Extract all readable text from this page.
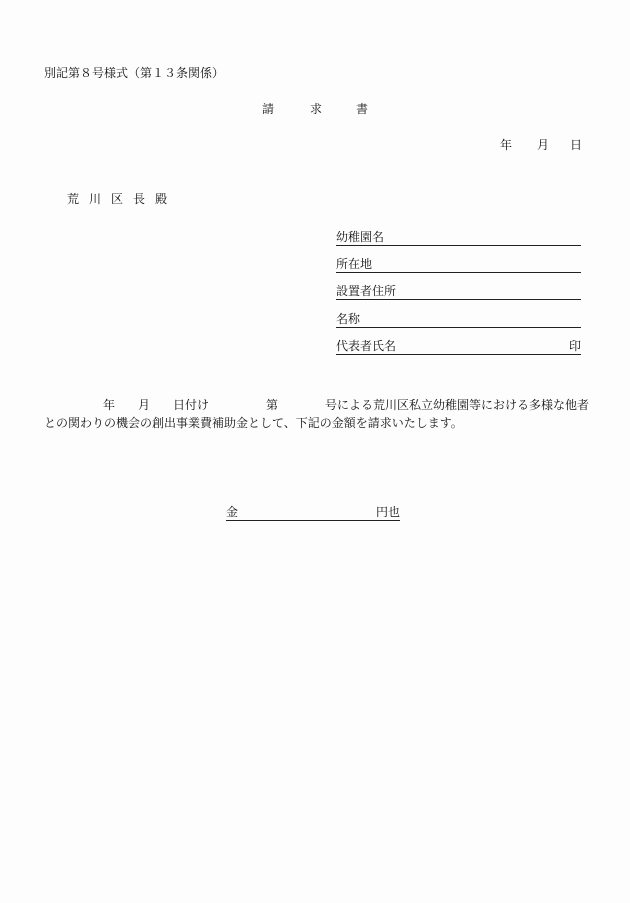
別記第８号様式（第１３条関係）
請	求	書
年 月 日
荒 川 区 長 殿
幼稚園名
所在地
設置者住所
名称
代表者氏名	印
年 月 日付け	第	号による荒川区私立幼稚園等における多様な他者
との関わりの機会の創出事業費補助金として、下記の金額を請求いたします。
金	円也
